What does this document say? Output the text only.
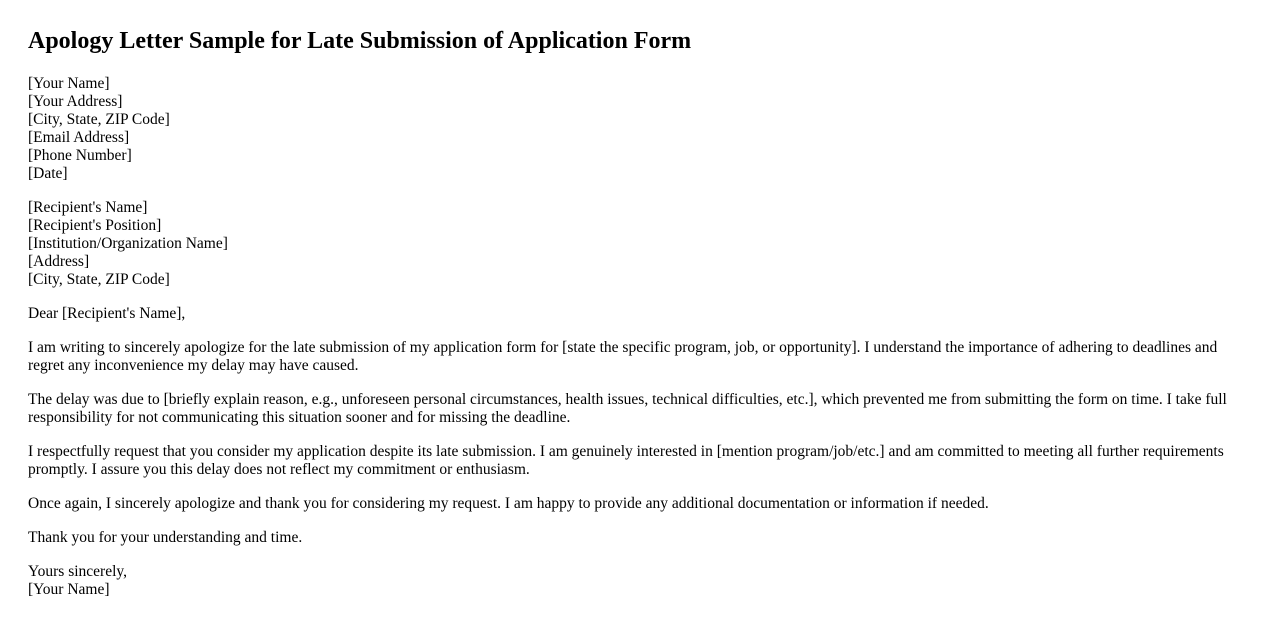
Apology Letter Sample for Late Submission of Application Form
[Your Name]
[Your Address]
[City, State, ZIP Code]
[Email Address]
[Phone Number]
[Date]
[Recipient's Name]
[Recipient's Position]
[Institution/Organization Name]
[Address]
[City, State, ZIP Code]

Dear [Recipient's Name],

I am writing to sincerely apologize for the late submission of my application form for [state the specific program, job, or opportunity]. I understand the importance of adhering to deadlines and regret any inconvenience my delay may have caused.

The delay was due to [briefly explain reason, e.g., unforeseen personal circumstances, health issues, technical difficulties, etc.], which prevented me from submitting the form on time. I take full responsibility for not communicating this situation sooner and for missing the deadline.

I respectfully request that you consider my application despite its late submission. I am genuinely interested in [mention program/job/etc.] and am committed to meeting all further requirements promptly. I assure you this delay does not reflect my commitment or enthusiasm.

Once again, I sincerely apologize and thank you for considering my request. I am happy to provide any additional documentation or information if needed.

Thank you for your understanding and time.

Yours sincerely,
[Your Name]
